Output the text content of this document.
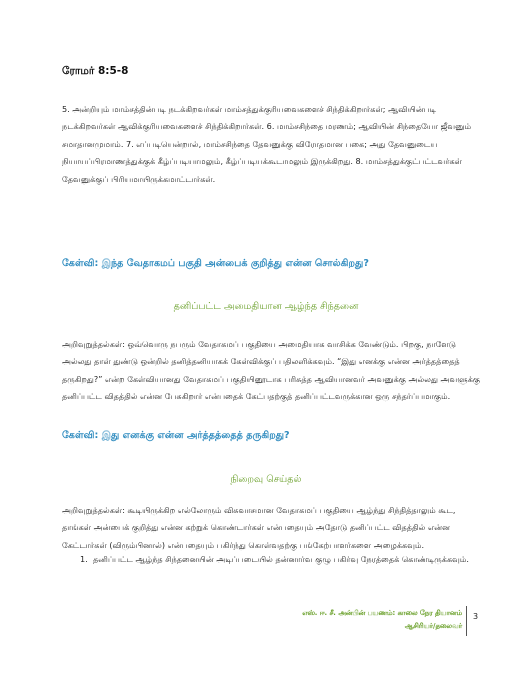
ரோமர் 8:5-8

5. அன்றியும் மாம்சத்தின்படி நடக்கிறவர்கள் மாம்சத்துக்குரியவைகளைச் சிந்திக்கிறார்கள்; ஆவியின்படி நடக்கிறவர்கள் ஆவிக்குரியவைகளைச் சிந்திக்கிறார்கள். 6. மாம்சசிந்தை மரணம்; ஆவியின் சிந்தையோ ஜீவனும் சமாதானமுமாம். 7. எப்படியென்றால், மாம்சசிந்தை தேவனுக்கு விரோதமான பகை; அது தேவனுடைய நியாயப்பிரமாணத்துக்குக் கீழ்ப்படியாமலும், கீழ்ப்படியக்கூடாமலும் இருக்கிறது. 8. மாம்சத்துக்குட்பட்டவர்கள் தேவனுக்குப் பிரியமாயிருக்கமாட்டார்கள்.

கேள்வி: இந்த வேதாகமப் பகுதி அன்பைக் குறித்து என்ன சொல்கிறது?
தனிப்பட்ட அமைதியான ஆழ்ந்த சிந்தனை

அறிவுறுத்தல்கள்: ஒவ்வொரு நபரும் வேதாகமப் பகுதியை அமைதியாக வாசிக்க வேண்டும். பிறகு, நாளேடு அல்லது தாள் துண்டு ஒன்றில் தனித்தனியாகக் கேள்விக்குப் பதிலளிக்கவும். “இது எனக்கு என்ன அர்த்தத்தைத் தருகிறது?” என்ற கேள்வியானது வேதாகமப் பகுதியினூடாக பரிசுத்த ஆவியானவர் அவனுக்கு அல்லது அவளுக்கு தனிப்பட்ட விதத்தில் என்ன பேசுகிறார் என்பதைக் கேட்பதற்குத் தனிப்பட்டவருக்கான ஒரு சந்தர்ப்பமாகும்.

கேள்வி: இது எனக்கு என்ன அர்த்தத்தைத் தருகிறது?
நிறைவு செய்தல்

அறிவுறுத்தல்கள்: கூடியிருக்கிற எல்லோரும் விசுவாசமான வேதாகமப் பகுதியை ஆழ்ந்து சிந்தித்தாலும் கூட, தாங்கள் அன்பைக் குறித்து என்ன கற்றுக் கொண்டார்கள் என்பதையும் அதோடு தனிப்பட்ட விதத்தில் என்ன கேட்டார்கள் (விரும்பினால்) என்பதையும் பகிர்ந்து கொள்வதற்கு பங்கேற்பாளர்களை அழைக்கவும்.

1. தனிப்பட்ட ஆழ்ந்த சிந்தனையின் அடிப்படையில் தன்னார்வ குழு பகிர்வு நேரத்தைக் கொண்டிருக்கவும்.
எஸ். ஈ. சீ. அன்பின் பயணம்: காலை நேர தியானம்
ஆசிரியர்/தலைவர்
3
